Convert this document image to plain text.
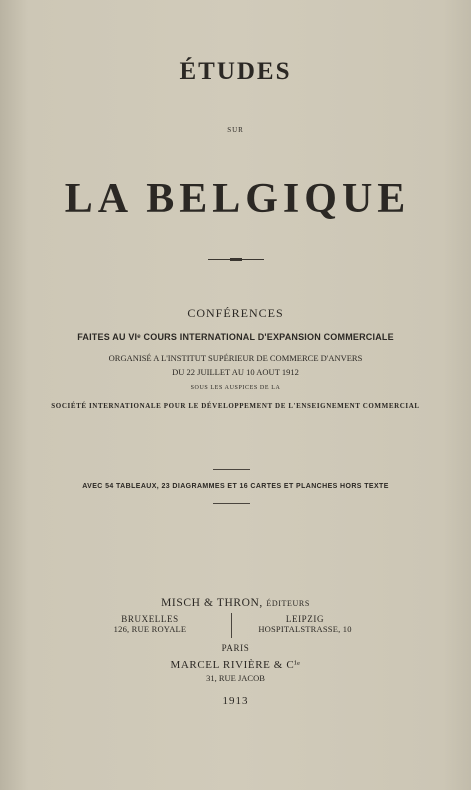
ÉTUDES
SUR
LA BELGIQUE
CONFÉRENCES
FAITES AU VIᵉ COURS INTERNATIONAL D'EXPANSION COMMERCIALE
ORGANISÉ A L'INSTITUT SUPÉRIEUR DE COMMERCE D'ANVERS
DU 22 JUILLET AU 10 AOUT 1912
SOUS LES AUSPICES DE LA
SOCIÉTÉ INTERNATIONALE POUR LE DÉVELOPPEMENT DE L'ENSEIGNEMENT COMMERCIAL
AVEC 54 TABLEAUX, 23 DIAGRAMMES ET 16 CARTES ET PLANCHES HORS TEXTE
MISCH & THRON, ÉDITEURS
BRUXELLES
126, RUE ROYALE
LEIPZIG
HOSPITALSTRASSE, 10
PARIS
MARCEL RIVIÈRE & Cⁱᵉ
31, RUE JACOB
1913
